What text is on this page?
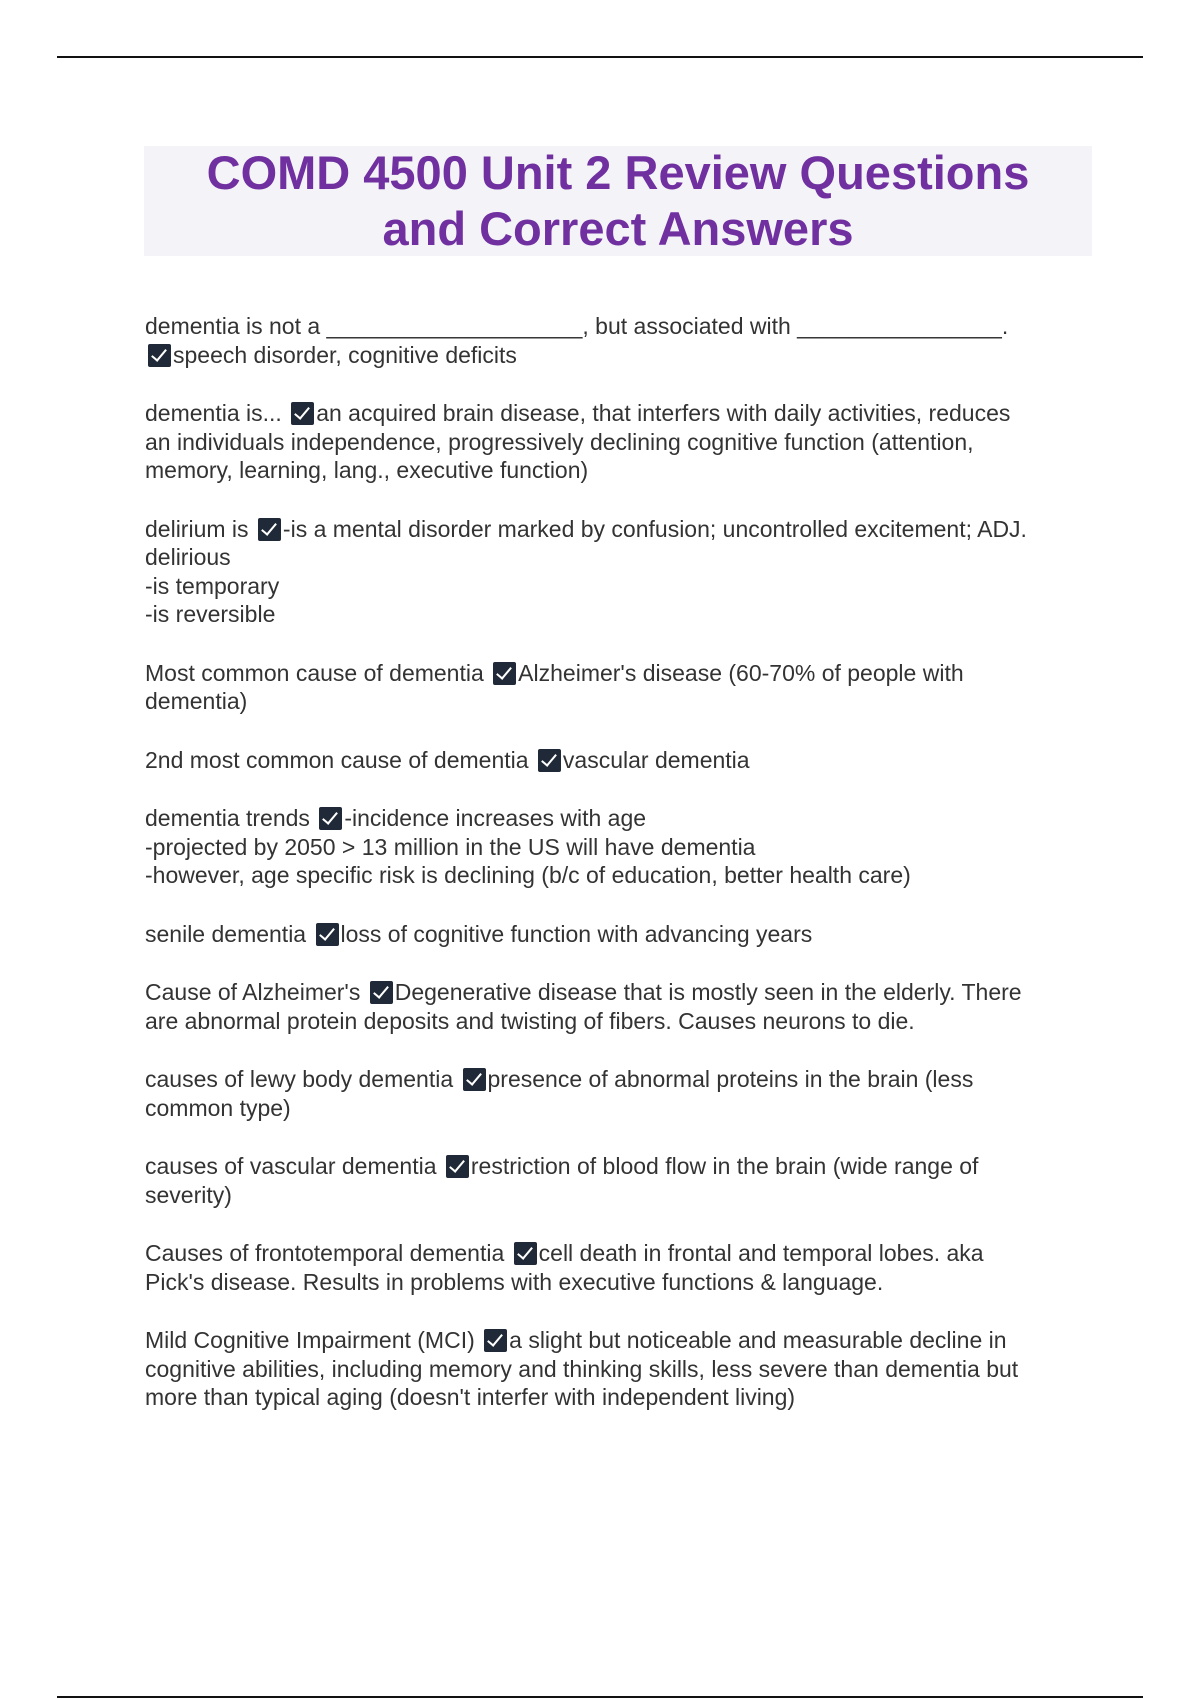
COMD 4500 Unit 2 Review Questions
and Correct Answers
dementia is not a ____________________, but associated with ________________.
speech disorder, cognitive deficits
dementia is... an acquired brain disease, that interfers with daily activities, reduces
an individuals independence, progressively declining cognitive function (attention,
memory, learning, lang., executive function)
delirium is -is a mental disorder marked by confusion; uncontrolled excitement; ADJ.
delirious
-is temporary
-is reversible
Most common cause of dementia Alzheimer's disease (60-70% of people with
dementia)
2nd most common cause of dementia vascular dementia
dementia trends -incidence increases with age
-projected by 2050 > 13 million in the US will have dementia
-however, age specific risk is declining (b/c of education, better health care)
senile dementia loss of cognitive function with advancing years
Cause of Alzheimer's Degenerative disease that is mostly seen in the elderly. There
are abnormal protein deposits and twisting of fibers. Causes neurons to die.
causes of lewy body dementia presence of abnormal proteins in the brain (less
common type)
causes of vascular dementia restriction of blood flow in the brain (wide range of
severity)
Causes of frontotemporal dementia cell death in frontal and temporal lobes. aka
Pick's disease. Results in problems with executive functions & language.
Mild Cognitive Impairment (MCI) a slight but noticeable and measurable decline in
cognitive abilities, including memory and thinking skills, less severe than dementia but
more than typical aging (doesn't interfer with independent living)
